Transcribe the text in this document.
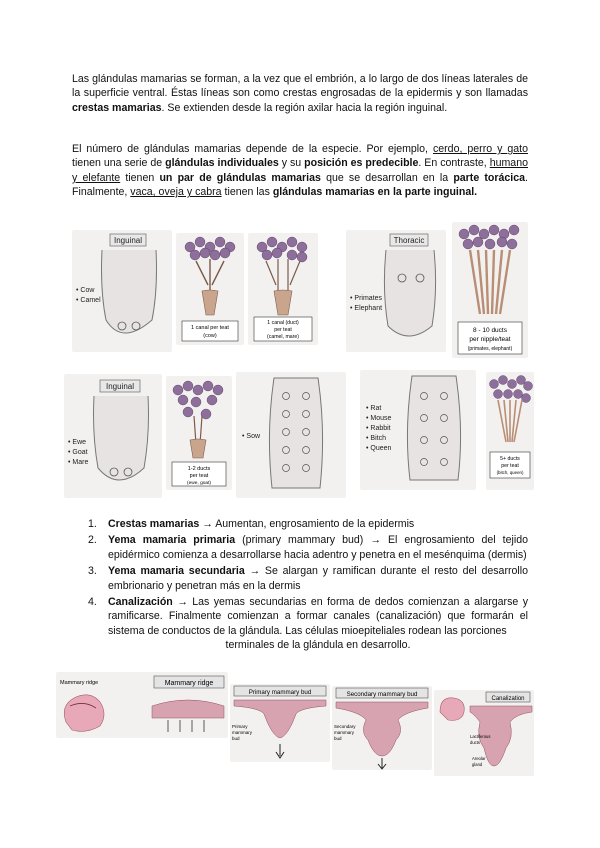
Las glándulas mamarias se forman, a la vez que el embrión, a lo largo de dos líneas laterales de la superficie ventral. Éstas líneas son como crestas engrosadas de la epidermis y son llamadas crestas mamarias. Se extienden desde la región axilar hacia la región inguinal.

El número de glándulas mamarias depende de la especie. Por ejemplo, cerdo, perro y gato tienen una serie de glándulas individuales y su posición es predecible. En contraste, humano y elefante tienen un par de glándulas mamarias que se desarrollan en la parte torácica. Finalmente, vaca, oveja y cabra tienen las glándulas mamarias en la parte inguinal.

Inguinal
• Cow
• Camel
1 canal per teat
(cow)
1 canal (duct)
per teat
(camel, mare)
Thoracic
• Primates
• Elephant
8 - 10 ducts
per nipple/teat
(primates, elephant)
Inguinal
• Ewe
• Goat
• Mare
1-2 ducts
per teat
(ewe, goat)
• Sow
• Rat
• Mouse
• Rabbit
• Bitch
• Queen
5+ ducts
per teat
(bitch, queen)
1. Crestas mamarias → Aumentan, engrosamiento de la epidermis
2. Yema mamaria primaria (primary mammary bud) → El engrosamiento del tejido epidérmico comienza a desarrollarse hacia adentro y penetra en el mesénquima (dermis)
3. Yema mamaria secundaria → Se alargan y ramifican durante el resto del desarrollo embrionario y penetran más en la dermis
4. Canalización → Las yemas secundarias en forma de dedos comienzan a alargarse y ramificarse. Finalmente comienzan a formar canales (canalización) que formarán el sistema de conductos de la glándula. Las células mioepiteliales rodean las porciones

terminales de la glándula en desarrollo.
Mammary ridge	Mammary ridge
Primary mammary bud
Primary
mammary
bud
Secondary mammary bud
Secondary
mammary
bud
Canalization
Lactiferous
ducts
Areolar
gland
